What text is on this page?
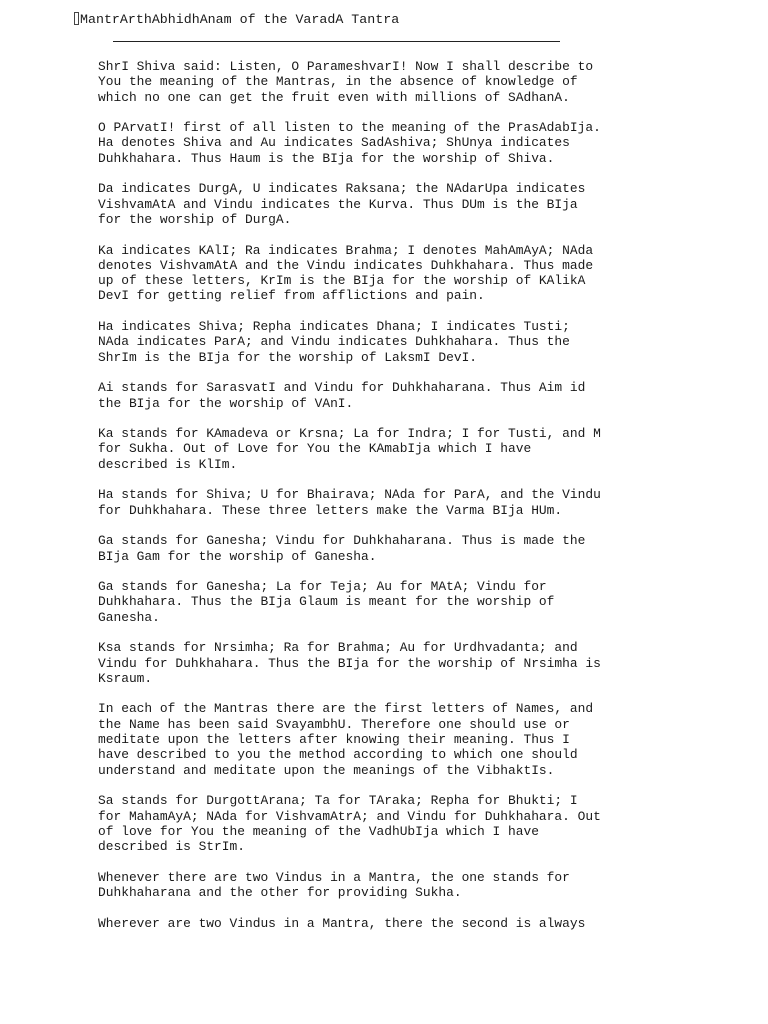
MantrArthAbhidhAnam of the VaradA Tantra

ShrI Shiva said: Listen, O ParameshvarI! Now I shall describe to
You the meaning of the Mantras, in the absence of knowledge of
which no one can get the fruit even with millions of SAdhanA.

O PArvatI! first of all listen to the meaning of the PrasAdabIja.
Ha denotes Shiva and Au indicates SadAshiva; ShUnya indicates
Duhkhahara. Thus Haum is the BIja for the worship of Shiva.

Da indicates DurgA, U indicates Raksana; the NAdarUpa indicates
VishvamAtA and Vindu indicates the Kurva. Thus DUm is the BIja
for the worship of DurgA.

Ka indicates KAlI; Ra indicates Brahma; I denotes MahAmAyA; NAda
denotes VishvamAtA and the Vindu indicates Duhkhahara. Thus made
up of these letters, KrIm is the BIja for the worship of KAlikA
DevI for getting relief from afflictions and pain.

Ha indicates Shiva; Repha indicates Dhana; I indicates Tusti;
NAda indicates ParA; and Vindu indicates Duhkhahara. Thus the
ShrIm is the BIja for the worship of LaksmI DevI.

Ai stands for SarasvatI and Vindu for Duhkhaharana. Thus Aim id
the BIja for the worship of VAnI.

Ka stands for KAmadeva or Krsna; La for Indra; I for Tusti, and M
for Sukha. Out of Love for You the KAmabIja which I have
described is KlIm.

Ha stands for Shiva; U for Bhairava; NAda for ParA, and the Vindu
for Duhkhahara. These three letters make the Varma BIja HUm.

Ga stands for Ganesha; Vindu for Duhkhaharana. Thus is made the
BIja Gam for the worship of Ganesha.

Ga stands for Ganesha; La for Teja; Au for MAtA; Vindu for
Duhkhahara. Thus the BIja Glaum is meant for the worship of
Ganesha.

Ksa stands for Nrsimha; Ra for Brahma; Au for Urdhvadanta; and
Vindu for Duhkhahara. Thus the BIja for the worship of Nrsimha is
Ksraum.

In each of the Mantras there are the first letters of Names, and
the Name has been said SvayambhU. Therefore one should use or
meditate upon the letters after knowing their meaning. Thus I
have described to you the method according to which one should
understand and meditate upon the meanings of the VibhaktIs.

Sa stands for DurgottArana; Ta for TAraka; Repha for Bhukti; I
for MahamAyA; NAda for VishvamAtrA; and Vindu for Duhkhahara. Out
of love for You the meaning of the VadhUbIja which I have
described is StrIm.

Whenever there are two Vindus in a Mantra, the one stands for
Duhkhaharana and the other for providing Sukha.

Wherever are two Vindus in a Mantra, there the second is always
